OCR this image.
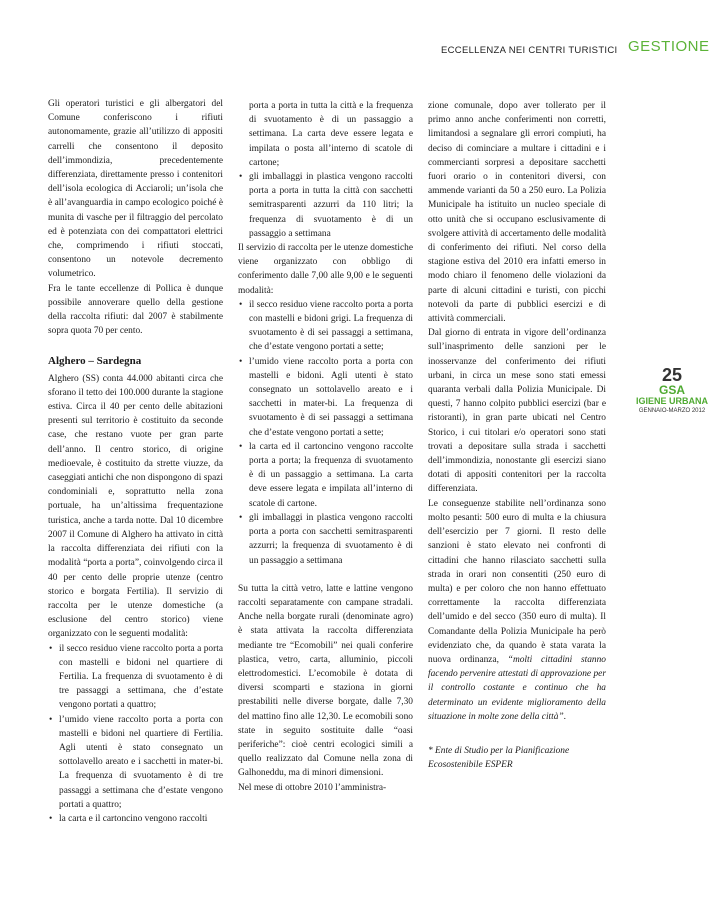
ECCELLENZA NEI CENTRI TURISTICI GESTIONE

Gli operatori turistici e gli albergatori del Comune conferiscono i rifiuti autonomamente, grazie all’utilizzo di appositi carrelli che consentono il deposito dell’immondizia, precedentemente differenziata, direttamente presso i contenitori dell’isola ecologica di Acciaroli; un’isola che è all’avanguardia in campo ecologico poiché è munita di vasche per il filtraggio del percolato ed è potenziata con dei compattatori elettrici che, comprimendo i rifiuti stoccati, consentono un notevole decremento volumetrico.

Fra le tante eccellenze di Pollica è dunque possibile annoverare quello della gestione della raccolta rifiuti: dal 2007 è stabilmente sopra quota 70 per cento.

Alghero – Sardegna

Alghero (SS) conta 44.000 abitanti circa che sforano il tetto dei 100.000 durante la stagione estiva. Circa il 40 per cento delle abitazioni presenti sul territorio è costituito da seconde case, che restano vuote per gran parte dell’anno. Il centro storico, di origine medioevale, è costituito da strette viuzze, da caseggiati antichi che non dispongono di spazi condominiali e, soprattutto nella zona portuale, ha un’altissima frequentazione turistica, anche a tarda notte. Dal 10 dicembre 2007 il Comune di Alghero ha attivato in città la raccolta differenziata dei rifiuti con la modalità “porta a porta”, coinvolgendo circa il 40 per cento delle proprie utenze (centro storico e borgata Fertilia). Il servizio di raccolta per le utenze domestiche (a esclusione del centro storico) viene organizzato con le seguenti modalità:

• il secco residuo viene raccolto porta a porta con mastelli e bidoni nel quartiere di Fertilia. La frequenza di svuotamento è di tre passaggi a settimana, che d’estate vengono portati a quattro;
• l’umido viene raccolto porta a porta con mastelli e bidoni nel quartiere di Fertilia. Agli utenti è stato consegnato un sottolavello areato e i sacchetti in mater-bi. La frequenza di svuotamento è di tre passaggi a settimana che d’estate vengono portati a quattro;
• la carta e il cartoncino vengono raccolti

porta a porta in tutta la città e la frequenza di svuotamento è di un passaggio a settimana. La carta deve essere legata e impilata o posta all’interno di scatole di cartone;

• gli imballaggi in plastica vengono raccolti porta a porta in tutta la città con sacchetti semitrasparenti azzurri da 110 litri; la frequenza di svuotamento è di un passaggio a settimana

Il servizio di raccolta per le utenze domestiche viene organizzato con obbligo di conferimento dalle 7,00 alle 9,00 e le seguenti modalità:

• il secco residuo viene raccolto porta a porta con mastelli e bidoni grigi. La frequenza di svuotamento è di sei passaggi a settimana, che d’estate vengono portati a sette;
• l’umido viene raccolto porta a porta con mastelli e bidoni. Agli utenti è stato consegnato un sottolavello areato e i sacchetti in mater-bi. La frequenza di svuotamento è di sei passaggi a settimana che d’estate vengono portati a sette;
• la carta ed il cartoncino vengono raccolte porta a porta; la frequenza di svuotamento è di un passaggio a settimana. La carta deve essere legata e impilata all’interno di scatole di cartone.
• gli imballaggi in plastica vengono raccolti porta a porta con sacchetti semitrasparenti azzurri; la frequenza di svuotamento è di un passaggio a settimana

Su tutta la città vetro, latte e lattine vengono raccolti separatamente con campane stradali. Anche nella borgate rurali (denominate agro) è stata attivata la raccolta differenziata mediante tre “Ecomobili” nei quali conferire plastica, vetro, carta, alluminio, piccoli elettrodomestici. L’ecomobile è dotata di diversi scomparti e staziona in giorni prestabiliti nelle diverse borgate, dalle 7,30 del mattino fino alle 12,30. Le ecomobili sono state in seguito sostituite dalle “oasi periferiche”: cioè centri ecologici simili a quello realizzato dal Comune nella zona di Galhoneddu, ma di minori dimensioni.

Nel mese di ottobre 2010 l’amministra-

zione comunale, dopo aver tollerato per il primo anno anche conferimenti non corretti, limitandosi a segnalare gli errori compiuti, ha deciso di cominciare a multare i cittadini e i commercianti sorpresi a depositare sacchetti fuori orario o in contenitori diversi, con ammende varianti da 50 a 250 euro. La Polizia Municipale ha istituito un nucleo speciale di otto unità che si occupano esclusivamente di svolgere attività di accertamento delle modalità di conferimento dei rifiuti. Nel corso della stagione estiva del 2010 era infatti emerso in modo chiaro il fenomeno delle violazioni da parte di alcuni cittadini e turisti, con picchi notevoli da parte di pubblici esercizi e di attività commerciali.

Dal giorno di entrata in vigore dell’ordinanza sull’inasprimento delle sanzioni per le inosservanze del conferimento dei rifiuti urbani, in circa un mese sono stati emessi quaranta verbali dalla Polizia Municipale. Di questi, 7 hanno colpito pubblici esercizi (bar e ristoranti), in gran parte ubicati nel Centro Storico, i cui titolari e/o operatori sono stati trovati a depositare sulla strada i sacchetti dell’immondizia, nonostante gli esercizi siano dotati di appositi contenitori per la raccolta differenziata.

Le conseguenze stabilite nell’ordinanza sono molto pesanti: 500 euro di multa e la chiusura dell’esercizio per 7 giorni. Il resto delle sanzioni è stato elevato nei confronti di cittadini che hanno rilasciato sacchetti sulla strada in orari non consentiti (250 euro di multa) e per coloro che non hanno effettuato correttamente la raccolta differenziata dell’umido e del secco (350 euro di multa). Il Comandante della Polizia Municipale ha però evidenziato che, da quando è stata varata la nuova ordinanza, “molti cittadini stanno facendo pervenire attestati di approvazione per il controllo costante e continuo che ha determinato un evidente miglioramento della situazione in molte zone della città”.

* Ente di Studio per la Pianificazione Ecosostenibile ESPER

25
GSA
IGIENE URBANA
GENNAIO-MARZO 2012
